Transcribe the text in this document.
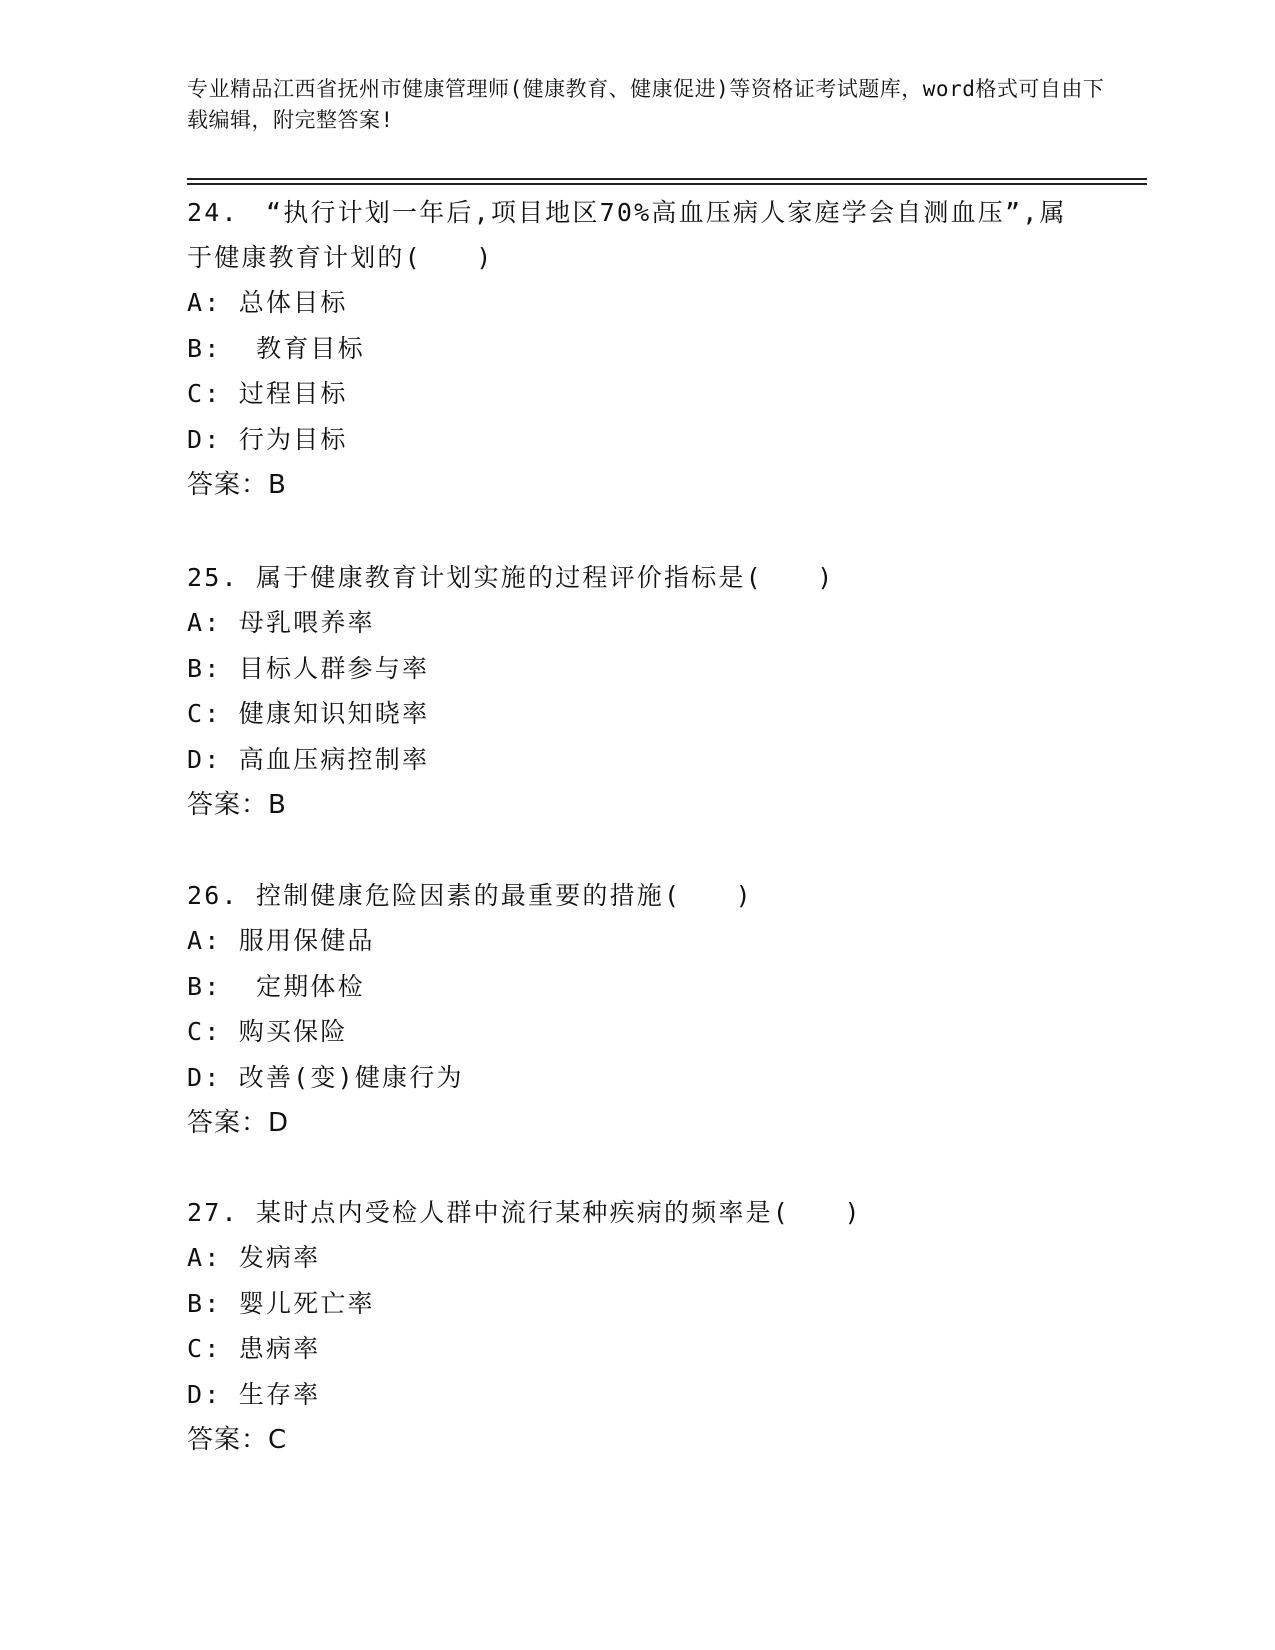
专业精品江西省抚州市健康管理师(健康教育、健康促进)等资格证考试题库，word格式可自由下载编辑，附完整答案!
24.　“执行计划一年后,项目地区70%高血压病人家庭学会自测血压”,属于健康教育计划的(　　)
A: 总体目标
B:  教育目标
C: 过程目标
D: 行为目标
答案：B
25. 属于健康教育计划实施的过程评价指标是(　　)
A: 母乳喂养率
B: 目标人群参与率
C: 健康知识知晓率
D: 高血压病控制率
答案：B
26. 控制健康危险因素的最重要的措施(　　)
A: 服用保健品
B:  定期体检
C: 购买保险
D: 改善(变)健康行为
答案：D
27. 某时点内受检人群中流行某种疾病的频率是(　　)
A: 发病率
B: 婴儿死亡率
C: 患病率
D: 生存率
答案：C
